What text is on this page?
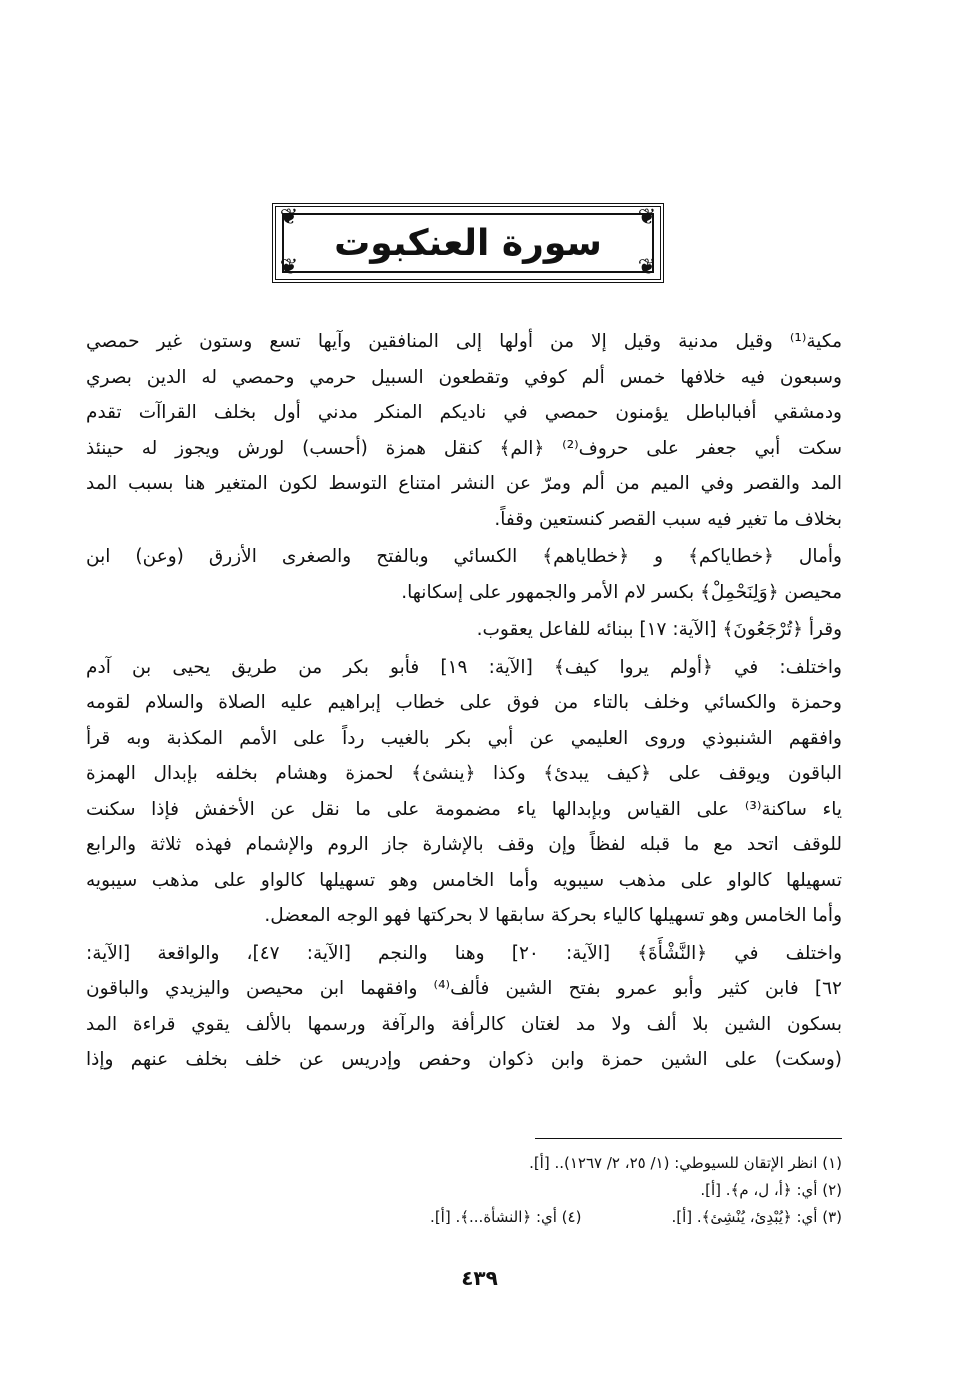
❦	❦
❦	❦
سورة العنكبوت
مكية⁽¹⁾ وقيل مدنية وقيل إلا من أولها إلى المنافقين وآيها تسع وستون غير حمصي
وسبعون فيه خلافها خمس ألم كوفي وتقطعون السبيل حرمي وحمصي له الدين بصري
ودمشقي أفبالباطل يؤمنون حمصي في ناديكم المنكر مدني أول بخلف القراآت تقدم
سكت أبي جعفر على حروف⁽²⁾ ﴿الم﴾ كنقل همزة (أحسب) لورش ويجوز له حينئذ
المد والقصر وفي الميم من ألم ومرّ عن النشر امتناع التوسط لكون المتغير هنا بسبب المد
بخلاف ما تغير فيه سبب القصر كنستعين وقفاً.
وأمال ﴿خطاياكم﴾ و ﴿خطاياهم﴾ الكسائي وبالفتح والصغرى الأزرق (وعن) ابن
محيصن ﴿وَلِنَحْمِلْ﴾ بكسر لام الأمر والجمهور على إسكانها.
وقرأ ﴿تُرْجَعُونَ﴾ [الآية: ١٧] ببنائه للفاعل يعقوب.
واختلف: في ﴿أولم يروا كيف﴾ [الآية: ١٩] فأبو بكر من طريق يحيى بن آدم
وحمزة والكسائي وخلف بالتاء من فوق على خطاب إبراهيم عليه الصلاة والسلام لقومه
وافقهم الشنبوذي وروى العليمي عن أبي بكر بالغيب رداً على الأمم المكذبة وبه قرأ
الباقون ويوقف على ﴿كيف يبدئ﴾ وكذا ﴿ينشئ﴾ لحمزة وهشام بخلفه بإبدال الهمزة
ياء ساكنة⁽³⁾ على القياس وبإبدالها ياء مضمومة على ما نقل عن الأخفش فإذا سكنت
للوقف اتحد مع ما قبله لفظاً وإن وقف بالإشارة جاز الروم والإشمام فهذه ثلاثة والرابع
تسهيلها كالواو على مذهب سيبويه وأما الخامس وهو تسهيلها كالواو على مذهب سيبويه
وأما الخامس وهو تسهيلها كالياء بحركة سابقها لا بحركتها فهو الوجه المعضل.
واختلف في ﴿النَّشْأَةَ﴾ [الآية: ٢٠] وهنا والنجم [الآية: ٤٧]، والواقعة [الآية:
٦٢] فابن كثير وأبو عمرو بفتح الشين فألف⁽⁴⁾ وافقهما ابن محيصن واليزيدي والباقون
بسكون الشين بلا ألف ولا مد لغتان كالرأفة والرآفة ورسمها بالألف يقوي قراءة المد
(وسكت) على الشين حمزة وابن ذكوان وحفص وإدريس عن خلف بخلف عنهم وإذا
(١) انظر الإتقان للسيوطي: (١/ ٢٥، ٢/ ١٢٦٧).. [أ].
(٢) أي: ﴿أ، ل، م﴾. [أ].
(٣) أي: ﴿يُبْدِئ، يُنْشِئ﴾. [أ].
(٤) أي: ﴿النشأة...﴾. [أ].
٤٣٩
